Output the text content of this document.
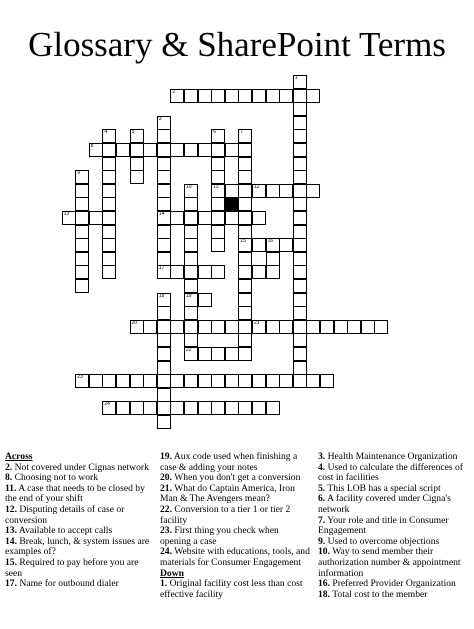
Glossary & SharePoint Terms
1
2
3
4	5	6	7
8
9
10	11	12
13	14
15	16
17
18	19
20	21
22
23
24
Across
2. Not covered under Cignas network
8. Choosing not to work
11. A case that needs to be closed by the end of your shift
12. Disputing details of case or conversion
13. Available to accept calls
14. Break, lunch, & system issues are examples of?
15. Required to pay before you are seen
17. Name for outbound dialer
19. Aux code used when finishing a case & adding your notes
20. When you don't get a conversion
21. What do Captain America, Iron Man & The Avengers mean?
22. Conversion to a tier 1 or tier 2 facility
23. First thing you check when opening a case
24. Website with educations, tools, and materials for Consumer Engagement
Down
1. Original facility cost less than cost effective facility
3. Health Maintenance Organization
4. Used to calculate the differences of cost in facilities
5. This LOB has a special script
6. A facility covered under Cigna's network
7. Your role and title in Consumer Engagement
9. Used to overcome objections
10. Way to send member their authorization number & appointment information
16. Preferred Provider Organization
18. Total cost to the member
